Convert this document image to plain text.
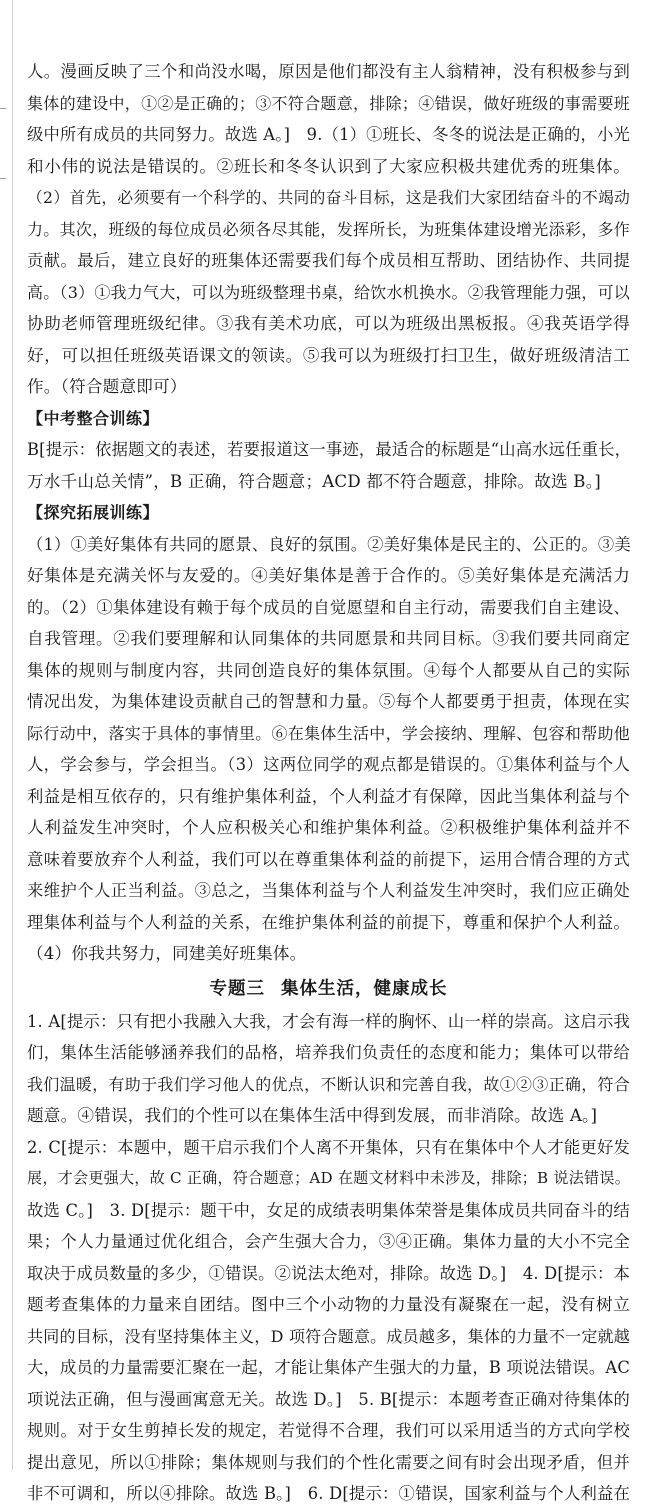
人。漫画反映了三个和尚没水喝，原因是他们都没有主人翁精神，没有积极参与到

集体的建设中，①②是正确的；③不符合题意，排除；④错误，做好班级的事需要班

级中所有成员的共同努力。故选 A。]　9.（1）①班长、冬冬的说法是正确的，小光

和小伟的说法是错误的。②班长和冬冬认识到了大家应积极共建优秀的班集体。

（2）首先，必须要有一个科学的、共同的奋斗目标，这是我们大家团结奋斗的不竭动

力。其次，班级的每位成员必须各尽其能，发挥所长，为班集体建设增光添彩，多作

贡献。最后，建立良好的班集体还需要我们每个成员相互帮助、团结协作、共同提

高。（3）①我力气大，可以为班级整理书桌，给饮水机换水。②我管理能力强，可以

协助老师管理班级纪律。③我有美术功底，可以为班级出黑板报。④我英语学得

好，可以担任班级英语课文的领读。⑤我可以为班级打扫卫生，做好班级清洁工

作。（符合题意即可）

【中考整合训练】

B[提示：依据题文的表述，若要报道这一事迹，最适合的标题是“山高水远任重长，

万水千山总关情”，B 正确，符合题意；ACD 都不符合题意，排除。故选 B。]

【探究拓展训练】

（1）①美好集体有共同的愿景、良好的氛围。②美好集体是民主的、公正的。③美

好集体是充满关怀与友爱的。④美好集体是善于合作的。⑤美好集体是充满活力

的。（2）①集体建设有赖于每个成员的自觉愿望和自主行动，需要我们自主建设、

自我管理。②我们要理解和认同集体的共同愿景和共同目标。③我们要共同商定

集体的规则与制度内容，共同创造良好的集体氛围。④每个人都要从自己的实际

情况出发，为集体建设贡献自己的智慧和力量。⑤每个人都要勇于担责，体现在实

际行动中，落实于具体的事情里。⑥在集体生活中，学会接纳、理解、包容和帮助他

人，学会参与，学会担当。（3）这两位同学的观点都是错误的。①集体利益与个人

利益是相互依存的，只有维护集体利益，个人利益才有保障，因此当集体利益与个

人利益发生冲突时，个人应积极关心和维护集体利益。②积极维护集体利益并不

意味着要放弃个人利益，我们可以在尊重集体利益的前提下，运用合情合理的方式

来维护个人正当利益。③总之，当集体利益与个人利益发生冲突时，我们应正确处

理集体利益与个人利益的关系，在维护集体利益的前提下，尊重和保护个人利益。

（4）你我共努力，同建美好班集体。

专题三 集体生活，健康成长

1. A[提示：只有把小我融入大我，才会有海一样的胸怀、山一样的崇高。这启示我

们，集体生活能够涵养我们的品格，培养我们负责任的态度和能力；集体可以带给

我们温暖，有助于我们学习他人的优点，不断认识和完善自我，故①②③正确，符合

题意。④错误，我们的个性可以在集体生活中得到发展，而非消除。故选 A。]

2. C[提示：本题中，题干启示我们个人离不开集体，只有在集体中个人才能更好发

展，才会更强大，故 C 正确，符合题意；AD 在题文材料中未涉及，排除；B 说法错误。

故选 C。]　3. D[提示：题干中，女足的成绩表明集体荣誉是集体成员共同奋斗的结

果；个人力量通过优化组合，会产生强大合力，③④正确。集体力量的大小不完全

取决于成员数量的多少，①错误。②说法太绝对，排除。故选 D。]　4. D[提示：本

题考查集体的力量来自团结。图中三个小动物的力量没有凝聚在一起，没有树立

共同的目标，没有坚持集体主义，D 项符合题意。成员越多，集体的力量不一定就越

大，成员的力量需要汇聚在一起，才能让集体产生强大的力量，B 项说法错误。AC

项说法正确，但与漫画寓意无关。故选 D。]　5. B[提示：本题考查正确对待集体的

规则。对于女生剪掉长发的规定，若觉得不合理，我们可以采用适当的方式向学校

提出意见，所以①排除；集体规则与我们的个性化需要之间有时会出现矛盾，但并

非不可调和，所以④排除。故选 B。]　6. D[提示：①错误，国家利益与个人利益在
